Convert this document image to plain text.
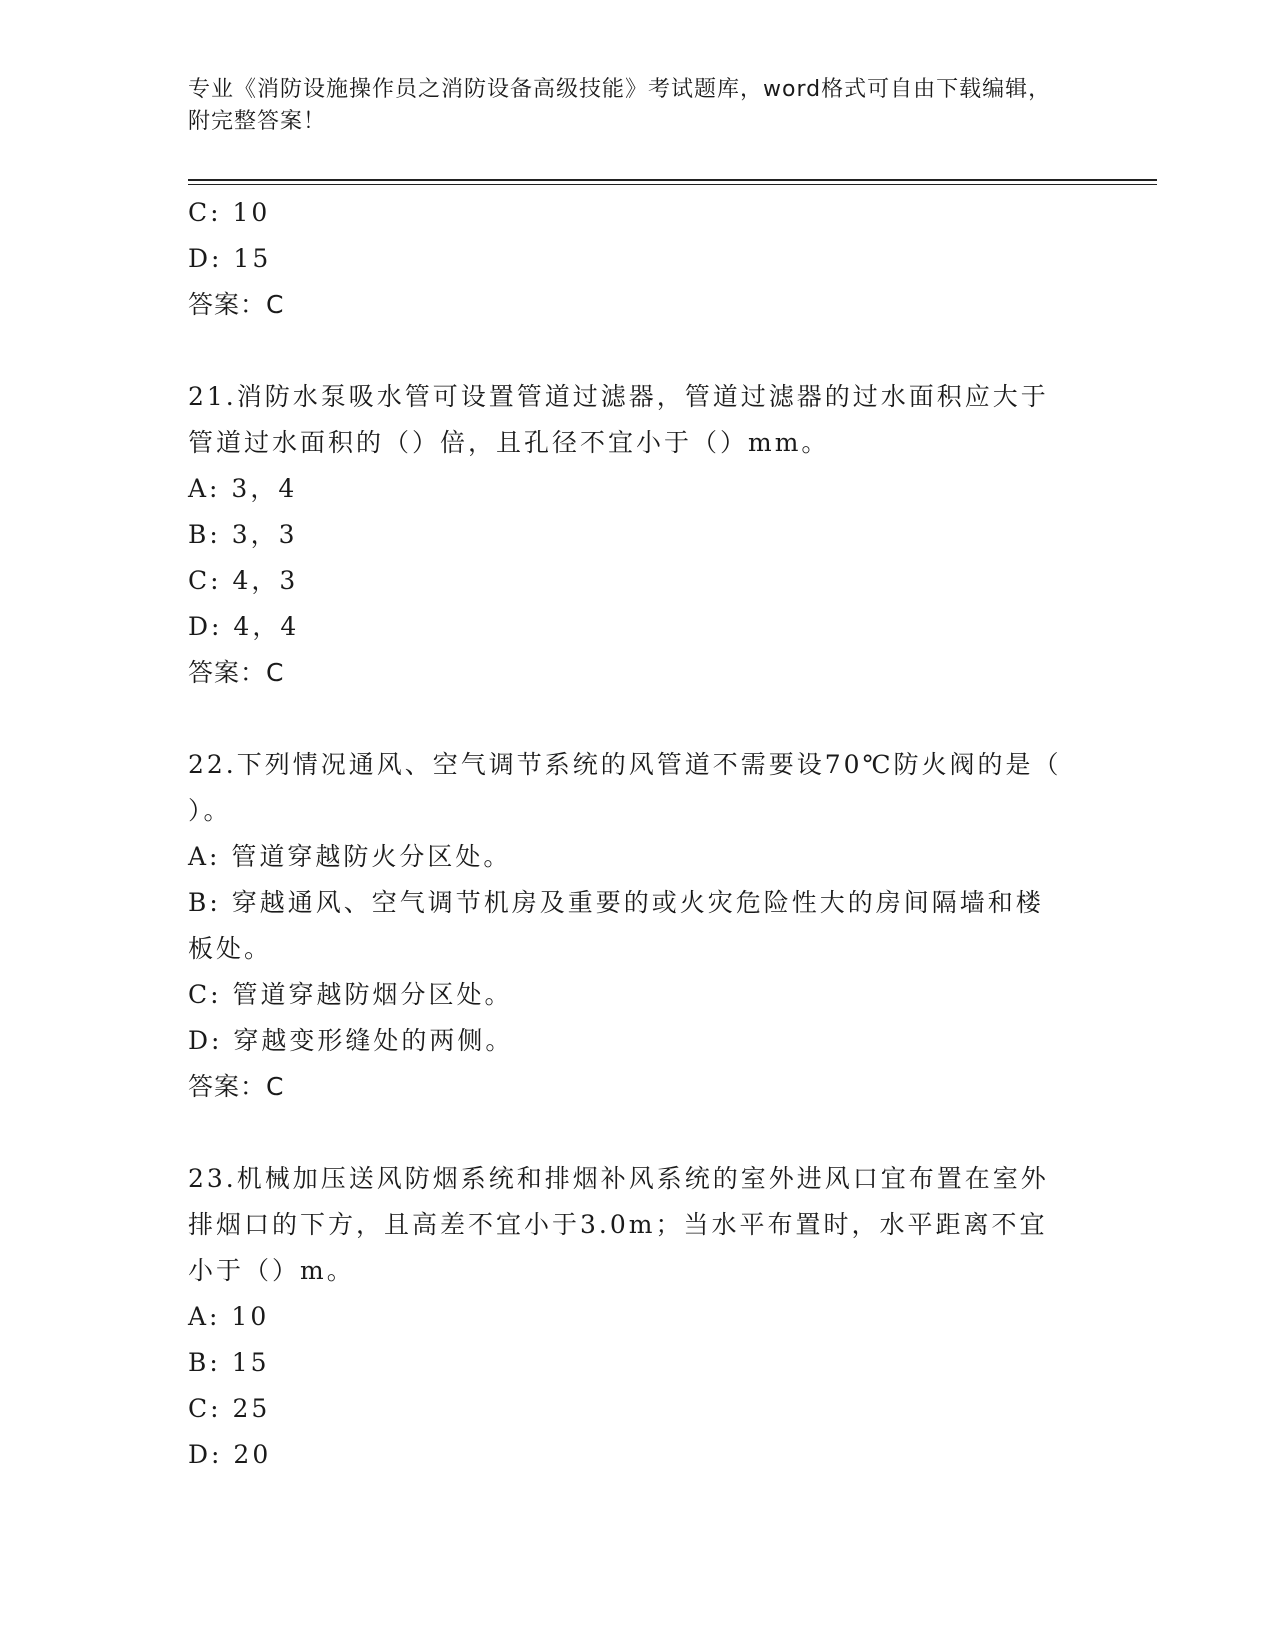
专业《消防设施操作员之消防设备高级技能》考试题库，word格式可自由下载编辑，附完整答案！
C: 10
D: 15
答案：C
21.消防水泵吸水管可设置管道过滤器，管道过滤器的过水面积应大于
管道过水面积的（）倍，且孔径不宜小于（）mm。
A: 3，4
B: 3，3
C: 4，3
D: 4，4
答案：C
22.下列情况通风、空气调节系统的风管道不需要设70℃防火阀的是（
）。
A: 管道穿越防火分区处。
B: 穿越通风、空气调节机房及重要的或火灾危险性大的房间隔墙和楼
板处。
C: 管道穿越防烟分区处。
D: 穿越变形缝处的两侧。
答案：C
23.机械加压送风防烟系统和排烟补风系统的室外进风口宜布置在室外
排烟口的下方，且高差不宜小于3.0m；当水平布置时，水平距离不宜
小于（）m。
A: 10
B: 15
C: 25
D: 20
